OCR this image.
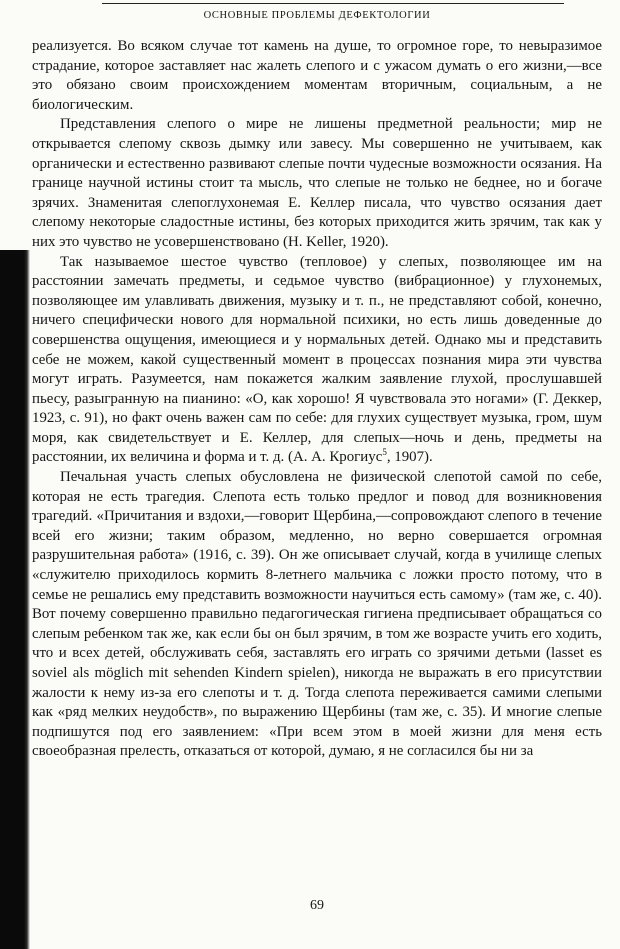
ОСНОВНЫЕ ПРОБЛЕМЫ ДЕФЕКТОЛОГИИ

реализуется. Во всяком случае тот камень на душе, то огромное горе, то невыразимое страдание, которое заставляет нас жалеть слепого и с ужасом думать о его жизни,—все это обязано своим происхождением моментам вторичным, социальным, а не биологическим.

Представления слепого о мире не лишены предметной реальности; мир не открывается слепому сквозь дымку или завесу. Мы совершенно не учитываем, как органически и естественно развивают слепые почти чудесные возможности осязания. На границе научной истины стоит та мысль, что слепые не только не беднее, но и богаче зрячих. Знаменитая слепоглухонемая Е. Келлер писала, что чувство осязания дает слепому некоторые сладостные истины, без которых приходится жить зрячим, так как у них это чувство не усовершенствовано (H. Keller, 1920).

Так называемое шестое чувство (тепловое) у слепых, позволяющее им на расстоянии замечать предметы, и седьмое чувство (вибрационное) у глухонемых, позволяющее им улавливать движения, музыку и т. п., не представляют собой, конечно, ничего специфически нового для нормальной психики, но есть лишь доведенные до совершенства ощущения, имеющиеся и у нормальных детей. Однако мы и представить себе не можем, какой существенный момент в процессах познания мира эти чувства могут играть. Разумеется, нам покажется жалким заявление глухой, прослушавшей пьесу, разыгранную на пианино: «О, как хорошо! Я чувствовала это ногами» (Г. Деккер, 1923, с. 91), но факт очень важен сам по себе: для глухих существует музыка, гром, шум моря, как свидетельствует и Е. Келлер, для слепых—ночь и день, предметы на расстоянии, их величина и форма и т. д. (А. А. Крогиус$^5$, 1907).

Печальная участь слепых обусловлена не физической слепотой самой по себе, которая не есть трагедия. Слепота есть только предлог и повод для возникновения трагедий. «Причитания и вздохи,—говорит Щербина,—сопровождают слепого в течение всей его жизни; таким образом, медленно, но верно совершается огромная разрушительная работа» (1916, с. 39). Он же описывает случай, когда в училище слепых «служителю приходилось кормить 8-летнего мальчика с ложки просто потому, что в семье не решались ему представить возможности научиться есть самому» (там же, с. 40). Вот почему совершенно правильно педагогическая гигиена предписывает обращаться со слепым ребенком так же, как если бы он был зрячим, в том же возрасте учить его ходить, что и всех детей, обслуживать себя, заставлять его играть со зрячими детьми (lasset es soviel als möglich mit sehenden Kindern spielen), никогда не выражать в его присутствии жалости к нему из-за его слепоты и т. д. Тогда слепота переживается самими слепыми как «ряд мелких неудобств», по выражению Щербины (там же, с. 35). И многие слепые подпишутся под его заявлением: «При всем этом в моей жизни для меня есть своеобразная прелесть, отказаться от которой, думаю, я не согласился бы ни за

69
